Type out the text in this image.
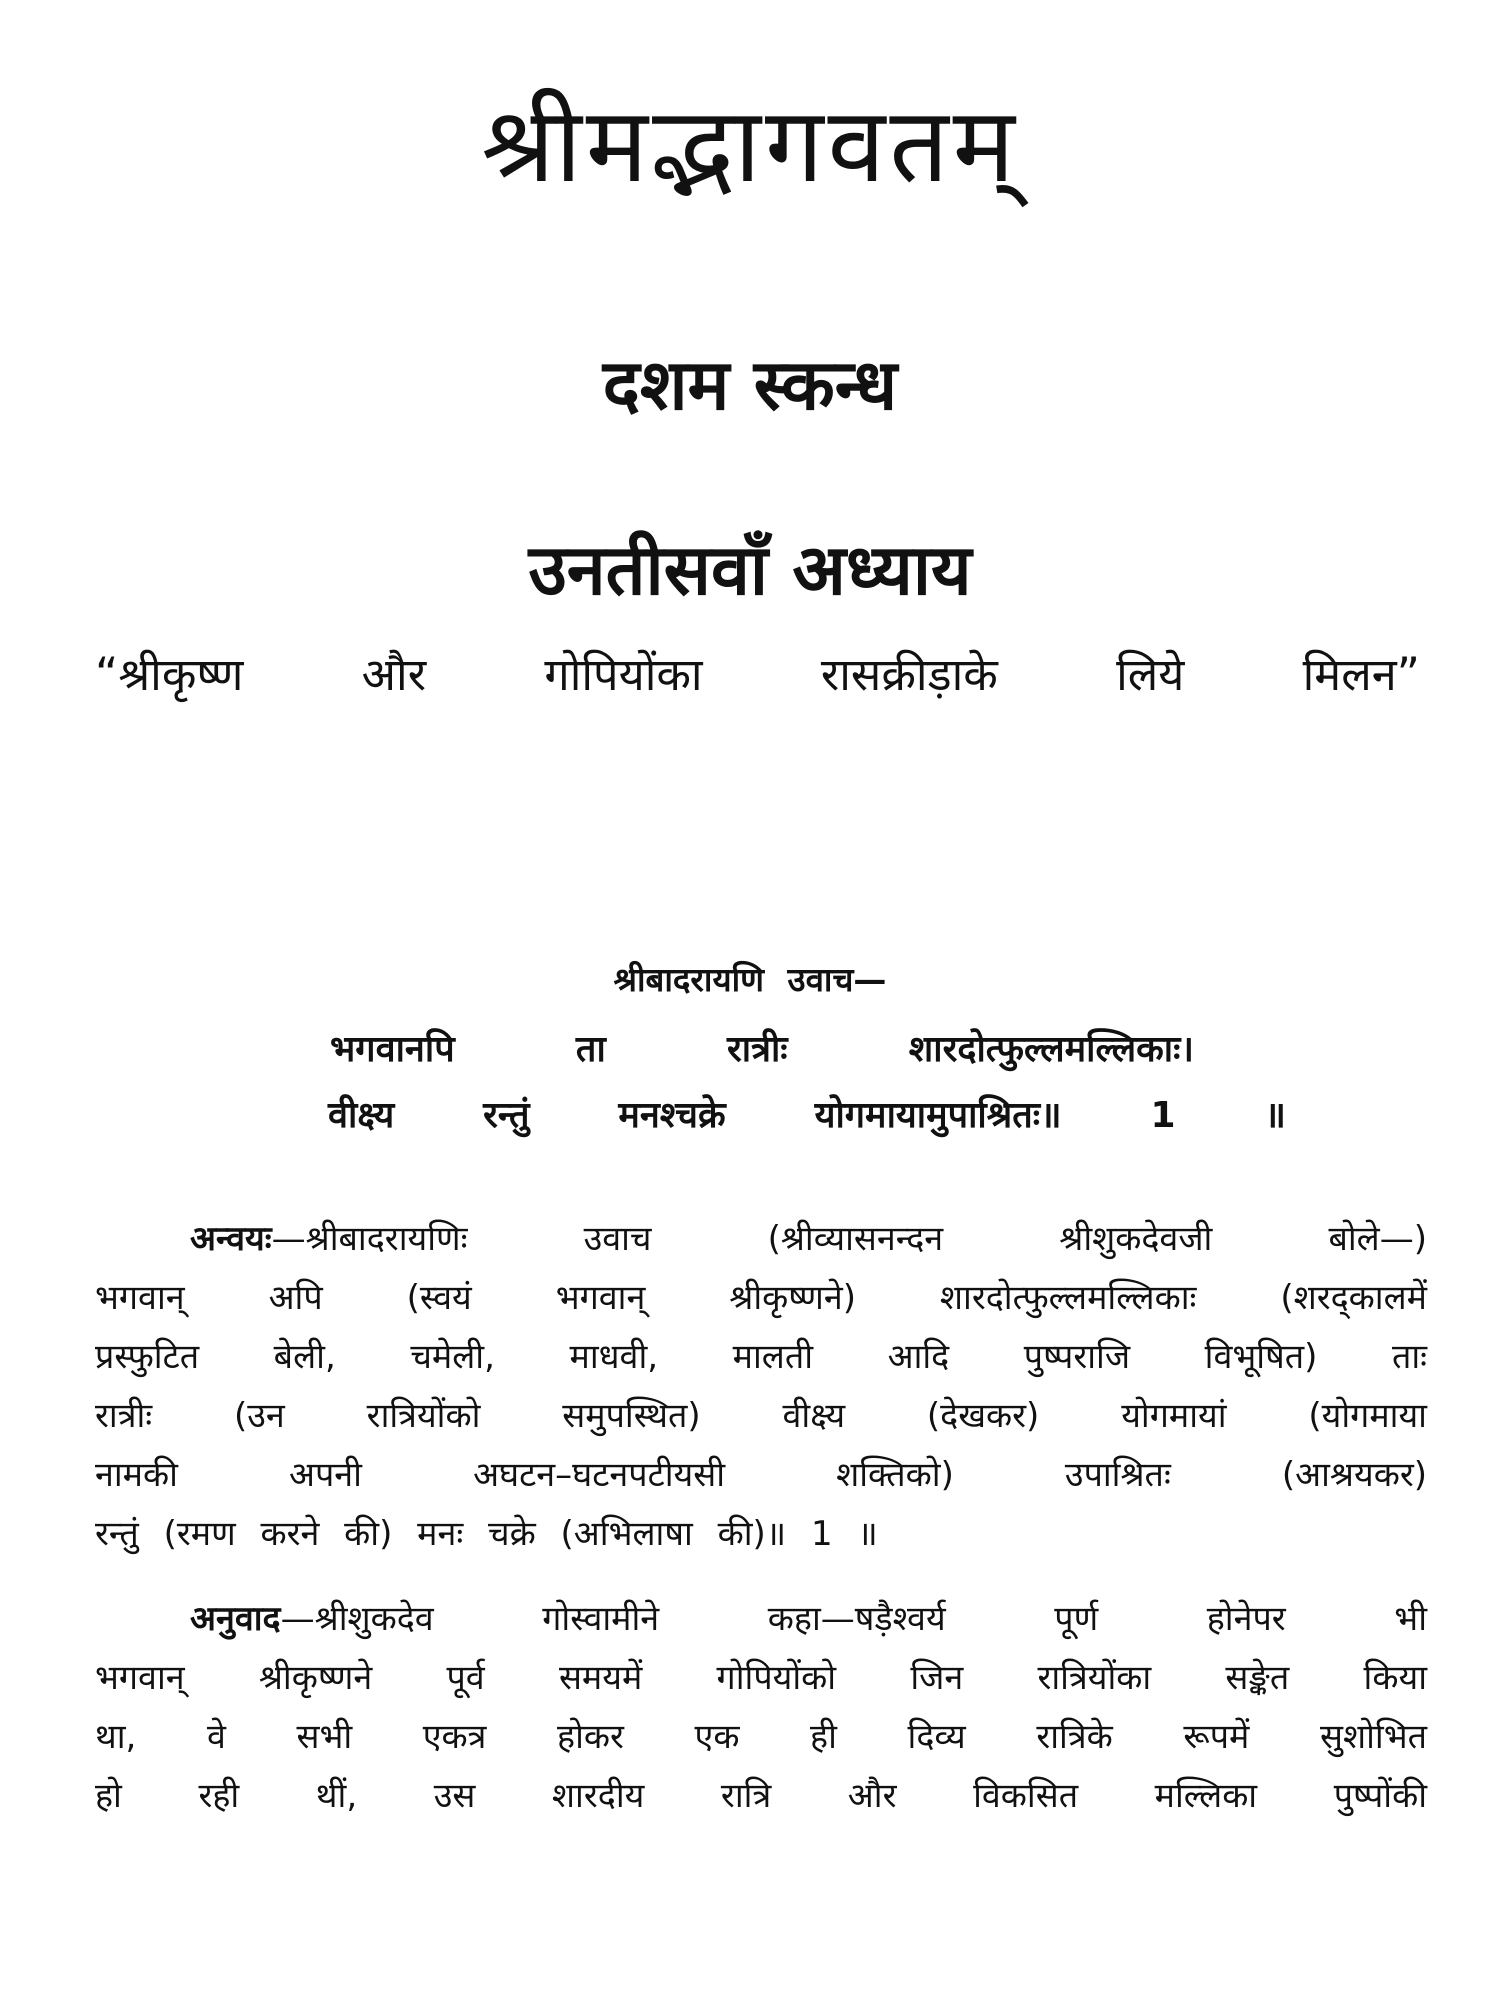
श्रीमद्भागवतम्
दशम स्कन्ध
उनतीसवाँ अध्याय
“श्रीकृष्ण और गोपियोंका रासक्रीड़ाके लिये मिलन”
श्रीबादरायणि उवाच—
भगवानपि ता रात्रीः शारदोत्फुल्लमल्लिकाः।
वीक्ष्य रन्तुं मनश्चक्रे योगमायामुपाश्रितः॥ 1 ॥
अन्वयः—श्रीबादरायणिः उवाच (श्रीव्यासनन्दन श्रीशुकदेवजी बोले—)
भगवान् अपि (स्वयं भगवान् श्रीकृष्णने) शारदोत्फुल्लमल्लिकाः (शरद्कालमें
प्रस्फुटित बेली, चमेली, माधवी, मालती आदि पुष्पराजि विभूषित) ताः
रात्रीः (उन रात्रियोंको समुपस्थित) वीक्ष्य (देखकर) योगमायां (योगमाया
नामकी अपनी अघटन–घटनपटीयसी शक्तिको) उपाश्रितः (आश्रयकर)
रन्तुं (रमण करने की) मनः चक्रे (अभिलाषा की)॥ 1 ॥
अनुवाद—श्रीशुकदेव गोस्वामीने कहा—षड़ैश्वर्य पूर्ण होनेपर भी
भगवान् श्रीकृष्णने पूर्व समयमें गोपियोंको जिन रात्रियोंका सङ्केत किया
था, वे सभी एकत्र होकर एक ही दिव्य रात्रिके रूपमें सुशोभित
हो रही थीं, उस शारदीय रात्रि और विकसित मल्लिका पुष्पोंकी
